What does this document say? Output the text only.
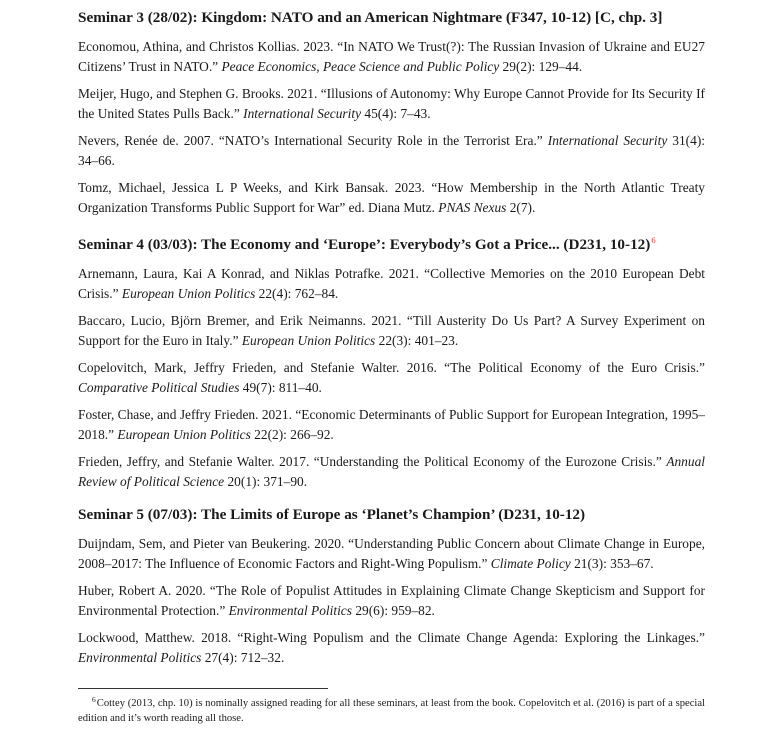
Seminar 3 (28/02): Kingdom: NATO and an American Nightmare (F347, 10-12) [C, chp. 3]

Economou, Athina, and Christos Kollias. 2023. “In NATO We Trust(?): The Russian Invasion of Ukraine and EU27 Citizens’ Trust in NATO.” Peace Economics, Peace Science and Public Policy 29(2): 129–44.

Meijer, Hugo, and Stephen G. Brooks. 2021. “Illusions of Autonomy: Why Europe Cannot Provide for Its Security If the United States Pulls Back.” International Security 45(4): 7–43.

Nevers, Renée de. 2007. “NATO’s International Security Role in the Terrorist Era.” International Security 31(4): 34–66.

Tomz, Michael, Jessica L P Weeks, and Kirk Bansak. 2023. “How Membership in the North Atlantic Treaty Organization Transforms Public Support for War” ed. Diana Mutz. PNAS Nexus 2(7).

Seminar 4 (03/03): The Economy and ‘Europe’: Everybody’s Got a Price... (D231, 10-12)$^6$

Arnemann, Laura, Kai A Konrad, and Niklas Potrafke. 2021. “Collective Memories on the 2010 European Debt Crisis.” European Union Politics 22(4): 762–84.

Baccaro, Lucio, Björn Bremer, and Erik Neimanns. 2021. “Till Austerity Do Us Part? A Survey Experiment on Support for the Euro in Italy.” European Union Politics 22(3): 401–23.

Copelovitch, Mark, Jeffry Frieden, and Stefanie Walter. 2016. “The Political Economy of the Euro Crisis.” Comparative Political Studies 49(7): 811–40.

Foster, Chase, and Jeffry Frieden. 2021. “Economic Determinants of Public Support for European Integration, 1995–2018.” European Union Politics 22(2): 266–92.

Frieden, Jeffry, and Stefanie Walter. 2017. “Understanding the Political Economy of the Eurozone Crisis.” Annual Review of Political Science 20(1): 371–90.

Seminar 5 (07/03): The Limits of Europe as ‘Planet’s Champion’ (D231, 10-12)

Duijndam, Sem, and Pieter van Beukering. 2020. “Understanding Public Concern about Climate Change in Europe, 2008–2017: The Influence of Economic Factors and Right-Wing Populism.” Climate Policy 21(3): 353–67.

Huber, Robert A. 2020. “The Role of Populist Attitudes in Explaining Climate Change Skepticism and Support for Environmental Protection.” Environmental Politics 29(6): 959–82.

Lockwood, Matthew. 2018. “Right-Wing Populism and the Climate Change Agenda: Exploring the Linkages.” Environmental Politics 27(4): 712–32.

$^6$Cottey (2013, chp. 10) is nominally assigned reading for all these seminars, at least from the book. Copelovitch et al. (2016) is part of a special edition and it’s worth reading all those.
